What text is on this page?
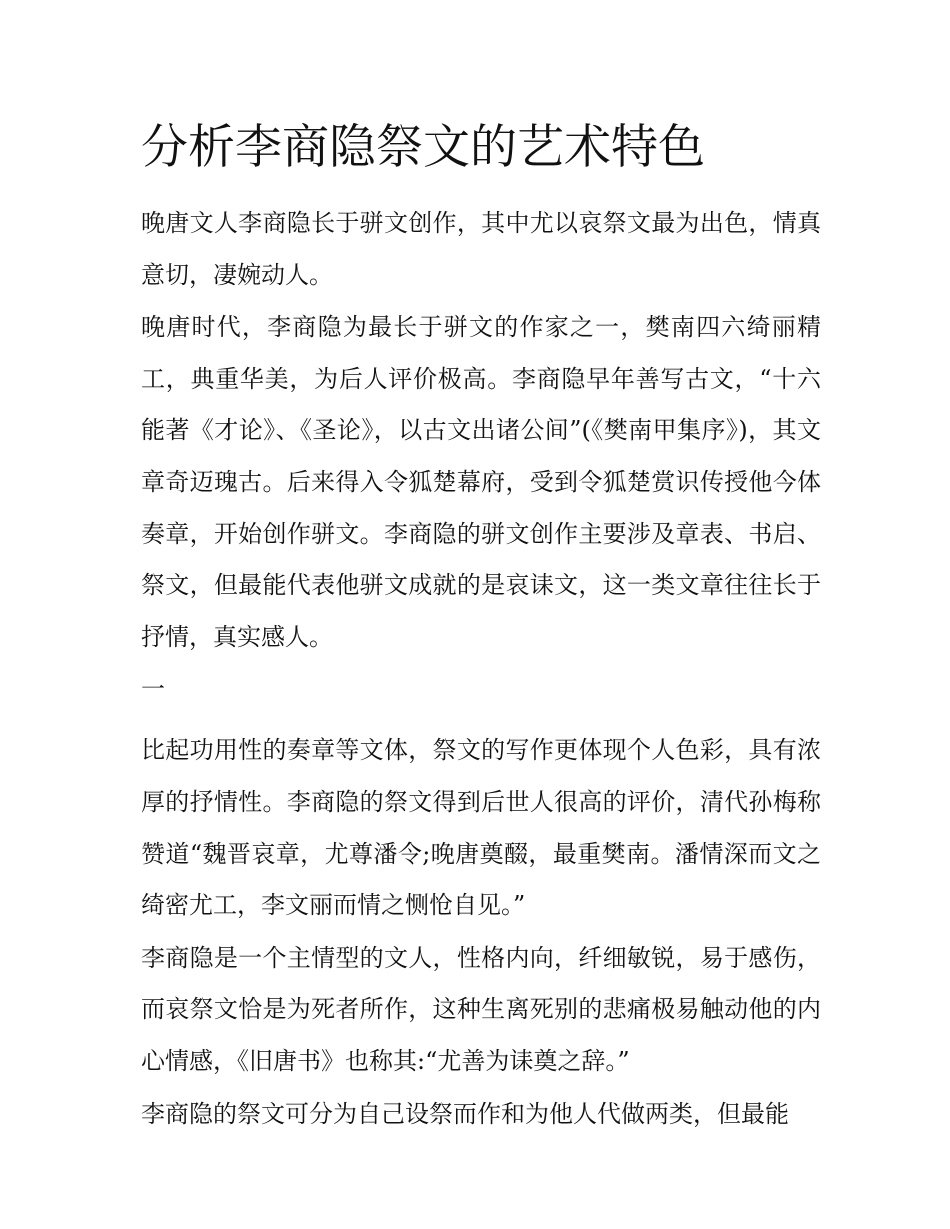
分析李商隐祭文的艺术特色

晚唐文人李商隐长于骈文创作，其中尤以哀祭文最为出色，情真意切，凄婉动人。

晚唐时代，李商隐为最长于骈文的作家之一，樊南四六绮丽精工，典重华美，为后人评价极高。李商隐早年善写古文，“十六能著《才论》、《圣论》，以古文出诸公间”(《樊南甲集序》)，其文章奇迈瑰古。后来得入令狐楚幕府，受到令狐楚赏识传授他今体奏章，开始创作骈文。李商隐的骈文创作主要涉及章表、书启、祭文，但最能代表他骈文成就的是哀诔文，这一类文章往往长于抒情，真实感人。

一

比起功用性的奏章等文体，祭文的写作更体现个人色彩，具有浓厚的抒情性。李商隐的祭文得到后世人很高的评价，清代孙梅称赞道“魏晋哀章，尤尊潘令;晚唐奠醊，最重樊南。潘情深而文之绮密尤工，李文丽而情之恻怆自见。”

李商隐是一个主情型的文人，性格内向，纤细敏锐，易于感伤，而哀祭文恰是为死者所作，这种生离死别的悲痛极易触动他的内心情感，《旧唐书》也称其:“尤善为诔奠之辞。”

李商隐的祭文可分为自己设祭而作和为他人代做两类，但最能
